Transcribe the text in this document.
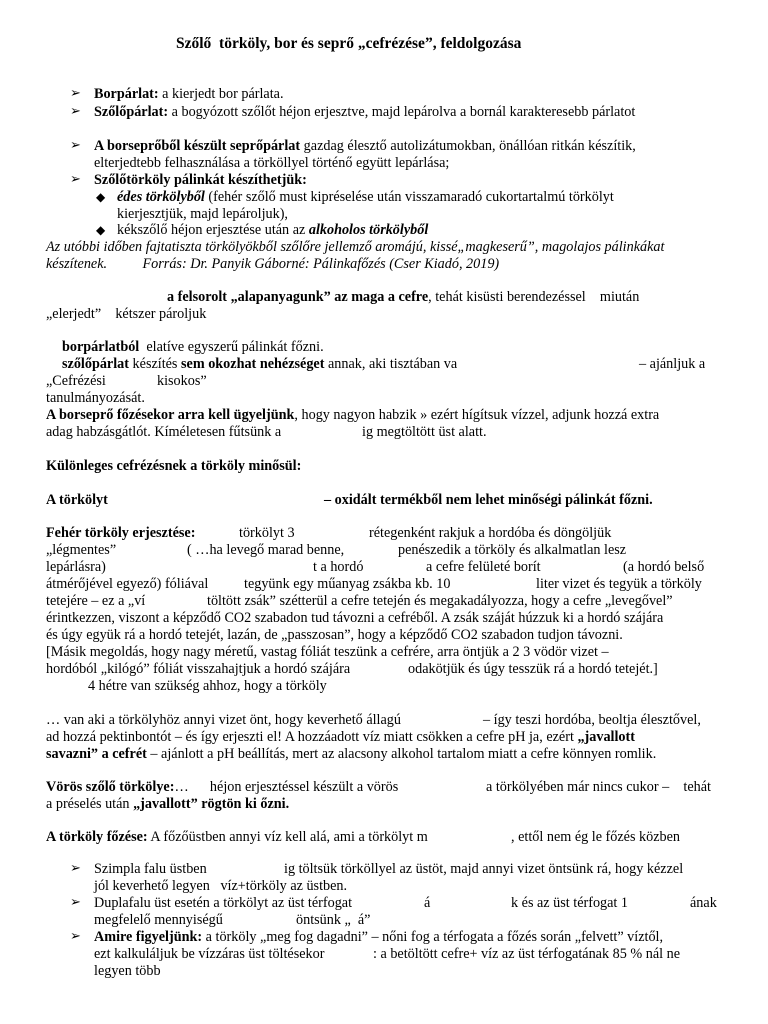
Szőlő  törköly, bor és seprő „cefrézése”, feldolgozása
➢ Borpárlat: a kierjedt bor párlata.
➢ Szőlőpárlat: a bogyózott szőlőt héjon erjesztve, majd lepárolva a bornál karakteresebb párlatot
➢ A borseprőből készült seprőpárlat gazdag élesztő autolizátumokban, önállóan ritkán készítik,
elterjedtebb felhasználása a törköllyel történő együtt lepárlása;
➢ Szőlőtörköly pálinkát készíthetjük:
◆ édes törkölyből (fehér szőlő must kipréselése után visszamaradó cukortartalmú törkölyt
kierjesztjük, majd lepároljuk),
◆ kékszőlő héjon erjesztése után az alkoholos törkölyből
Az utóbbi időben fajtatiszta törkölyökből szőlőre jellemző aromájú, kissé„magkeserű”, magolajos pálinkákat
készítenek.          Forrás: Dr. Panyik Gáborné: Pálinkafőzés (Cser Kiadó, 2019)
a felsorolt „alapanyagunk” az maga a cefre, tehát kisüsti berendezéssel    miután
„elerjedt”    kétszer pároljuk
borpárlatból  elatíve egyszerű pálinkát főzni.
szőlőpárlat készítés sem okozhat nehézséget annak, aki tisztában va	– ajánljuk a
„Cefrézési	kisokos”
tanulmányozását.
A borseprő főzésekor arra kell ügyeljünk, hogy nagyon habzik » ezért hígítsuk vízzel, adjunk hozzá extra
adag habzásgátlót. Kíméletesen fűtsünk a	ig megtöltött üst alatt.
Különleges cefrézésnek a törköly minősül:
A törkölyt	– oxidált termékből nem lehet minőségi pálinkát főzni.
Fehér törköly erjesztése:	törkölyt 3	rétegenként rakjuk a hordóba és döngöljük
„légmentes”	( …ha levegő marad benne,	penészedik a törköly és alkalmatlan lesz
lepárlásra)	t a hordó	a cefre felületé borít	(a hordó belső
átmérőjével egyező) fóliával	tegyünk egy műanyag zsákba kb. 10	liter vizet és tegyük a törköly
tetejére – ez a „ví	töltött zsák” szétterül a cefre tetején és megakadályozza, hogy a cefre „levegővel”
érintkezzen, viszont a képződő CO2 szabadon tud távozni a cefréből. A zsák száját húzzuk ki a hordó szájára
és úgy együk rá a hordó tetejét, lazán, de „passzosan”, hogy a képződő CO2 szabadon tudjon távozni.
[Másik megoldás, hogy nagy méretű, vastag fóliát teszünk a cefrére, arra öntjük a 2 3 vödör vizet –
hordóból „kilógó” fóliát visszahajtjuk a hordó szájára	odakötjük és úgy tesszük rá a hordó tetejét.]
4 hétre van szükség ahhoz, hogy a törköly
… van aki a törkölyhöz annyi vizet önt, hogy keverhető állagú	– így teszi hordóba, beoltja élesztővel,
ad hozzá pektinbontót – és így erjeszti el! A hozzáadott víz miatt csökken a cefre pH ja, ezért „javallott
savazni” a cefrét – ajánlott a pH beállítás, mert az alacsony alkohol tartalom miatt a cefre könnyen romlik.
Vörös szőlő törkölye:…      héjon erjesztéssel készült a vörös	a törkölyében már nincs cukor –    tehát
a préselés után „javallott” rögtön ki őzni.
A törköly főzése: A főzőüstben annyi víz kell alá, ami a törkölyt m	, ettől nem ég le főzés közben
➢ Szimpla falu üstben	ig töltsük törköllyel az üstöt, majd annyi vizet öntsünk rá, hogy kézzel
jól keverhető legyen   víz+törköly az üstben.
➢ Duplafalu üst esetén a törkölyt az üst térfogat	á	k és az üst térfogat 1	ának
megfelelő mennyiségű	öntsünk „  á”
➢ Amire figyeljünk: a törköly „meg fog dagadni” – nőni fog a térfogata a főzés során „felvett” víztől,
ezt kalkuláljuk be vízzáras üst töltésekor	: a betöltött cefre+ víz az üst térfogatának 85 % nál ne
legyen több
